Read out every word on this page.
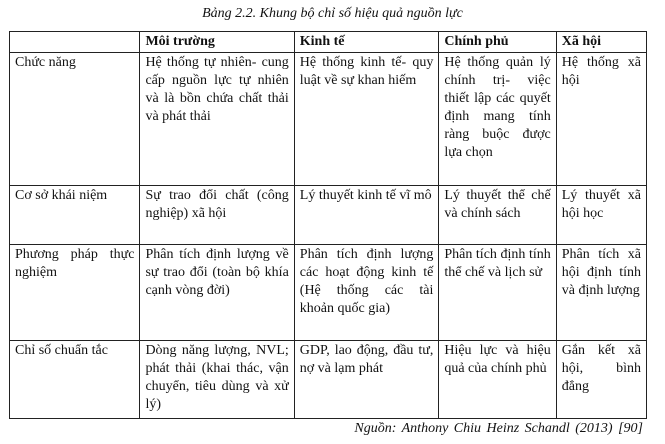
Bảng 2.2. Khung bộ chỉ số hiệu quả nguồn lực
	Môi trường	Kinh tế	Chính phủ	Xã hội
Chức năng	Hệ thống tự nhiên- cung cấp nguồn lực tự nhiên và là bồn chứa chất thải và phát thải	Hệ thống kinh tế- quy luật về sự khan hiếm	Hệ thống quản lý chính trị- việc thiết lập các quyết định mang tính ràng buộc được lựa chọn	Hệ thống xã hội
Cơ sở khái niệm	Sự trao đổi chất (công nghiệp) xã hội	Lý thuyết kinh tế vĩ mô	Lý thuyết thể chế và chính sách	Lý thuyết xã hội học
Phương pháp thực nghiệm	Phân tích định lượng về sự trao đổi (toàn bộ khía cạnh vòng đời)	Phân tích định lượng các hoạt động kinh tế (Hệ thống các tài khoản quốc gia)	Phân tích định tính thể chế và lịch sử	Phân tích xã hội định tính và định lượng
Chỉ số chuẩn tắc	Dòng năng lượng, NVL; phát thải (khai thác, vận chuyển, tiêu dùng và xử lý)	GDP, lao động, đầu tư, nợ và lạm phát	Hiệu lực và hiệu quả của chính phủ	Gắn kết xã hội, bình đẳng
Nguồn: Anthony Chiu Heinz Schandl (2013) [90]
